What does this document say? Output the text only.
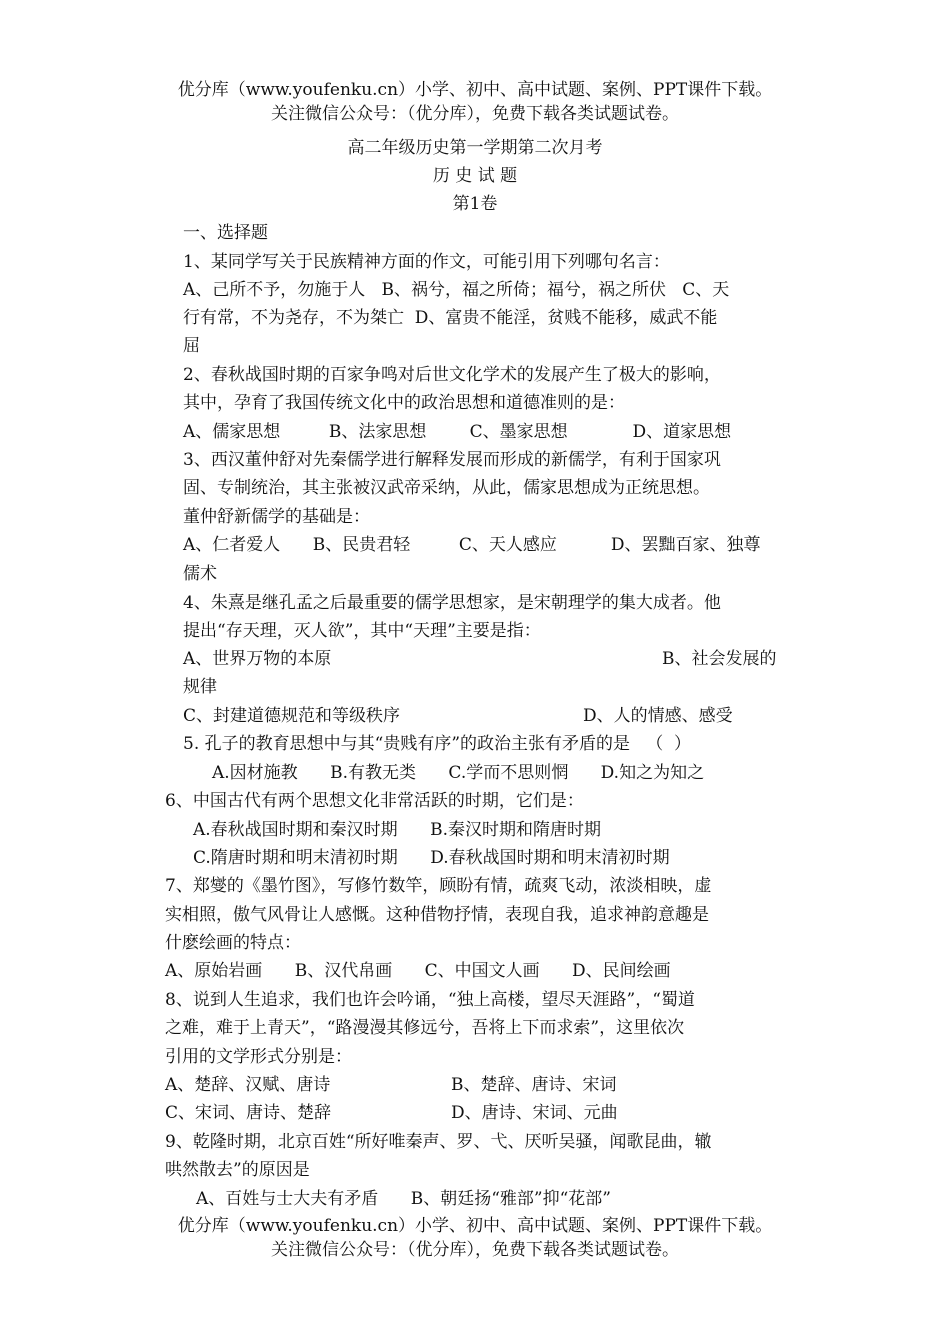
优分库（www.youfenku.cn）小学、初中、高中试题、案例、PPT课件下载。
关注微信公众号：（优分库），免费下载各类试题试卷。
高二年级历史第一学期第二次月考
历 史 试 题
第1卷
一、选择题
1、某同学写关于民族精神方面的作文，可能引用下列哪句名言：
A、己所不予，勿施于人   B、祸兮，福之所倚；福兮，祸之所伏   C、天
行有常，不为尧存，不为桀亡  D、富贵不能淫，贫贱不能移，威武不能
屈
2、春秋战国时期的百家争鸣对后世文化学术的发展产生了极大的影响，
其中，孕育了我国传统文化中的政治思想和道德准则的是：
A、儒家思想         B、法家思想        C、墨家思想            D、道家思想
3、西汉董仲舒对先秦儒学进行解释发展而形成的新儒学，有利于国家巩
固、专制统治，其主张被汉武帝采纳，从此，儒家思想成为正统思想。
董仲舒新儒学的基础是：
A、仁者爱人      B、民贵君轻         C、天人感应          D、罢黜百家、独尊
儒术
4、朱熹是继孔孟之后最重要的儒学思想家，是宋朝理学的集大成者。他
提出“存天理，灭人欲”，其中“天理”主要是指：
A、世界万物的本原	B、社会发展的
规律
C、封建道德规范和等级秩序	D、人的情感、感受
5. 孔子的教育思想中与其“贵贱有序”的政治主张有矛盾的是   （  ）
A.因材施教      B.有教无类      C.学而不思则惘      D.知之为知之
6、中国古代有两个思想文化非常活跃的时期，它们是：
A.春秋战国时期和秦汉时期      B.秦汉时期和隋唐时期
C.隋唐时期和明末清初时期      D.春秋战国时期和明末清初时期
7、郑燮的《墨竹图》，写修竹数竿，顾盼有情，疏爽飞动，浓淡相映，虚
实相照，傲气风骨让人感慨。这种借物抒情，表现自我，追求神韵意趣是
什麽绘画的特点：
A、原始岩画      B、汉代帛画      C、中国文人画      D、民间绘画
8、说到人生追求，我们也许会吟诵，“独上高楼，望尽天涯路”，“蜀道
之难，难于上青天”，“路漫漫其修远兮，吾将上下而求索”，这里依次
引用的文学形式分别是：
A、楚辞、汉赋、唐诗	B、楚辞、唐诗、宋词
C、宋词、唐诗、楚辞	D、唐诗、宋词、元曲
9、乾隆时期，北京百姓“所好唯秦声、罗、弋、厌听吴骚，闻歌昆曲，辙
哄然散去”的原因是
A、百姓与士大夫有矛盾      B、朝廷扬“雅部”抑“花部”
优分库（www.youfenku.cn）小学、初中、高中试题、案例、PPT课件下载。
关注微信公众号：（优分库），免费下载各类试题试卷。
